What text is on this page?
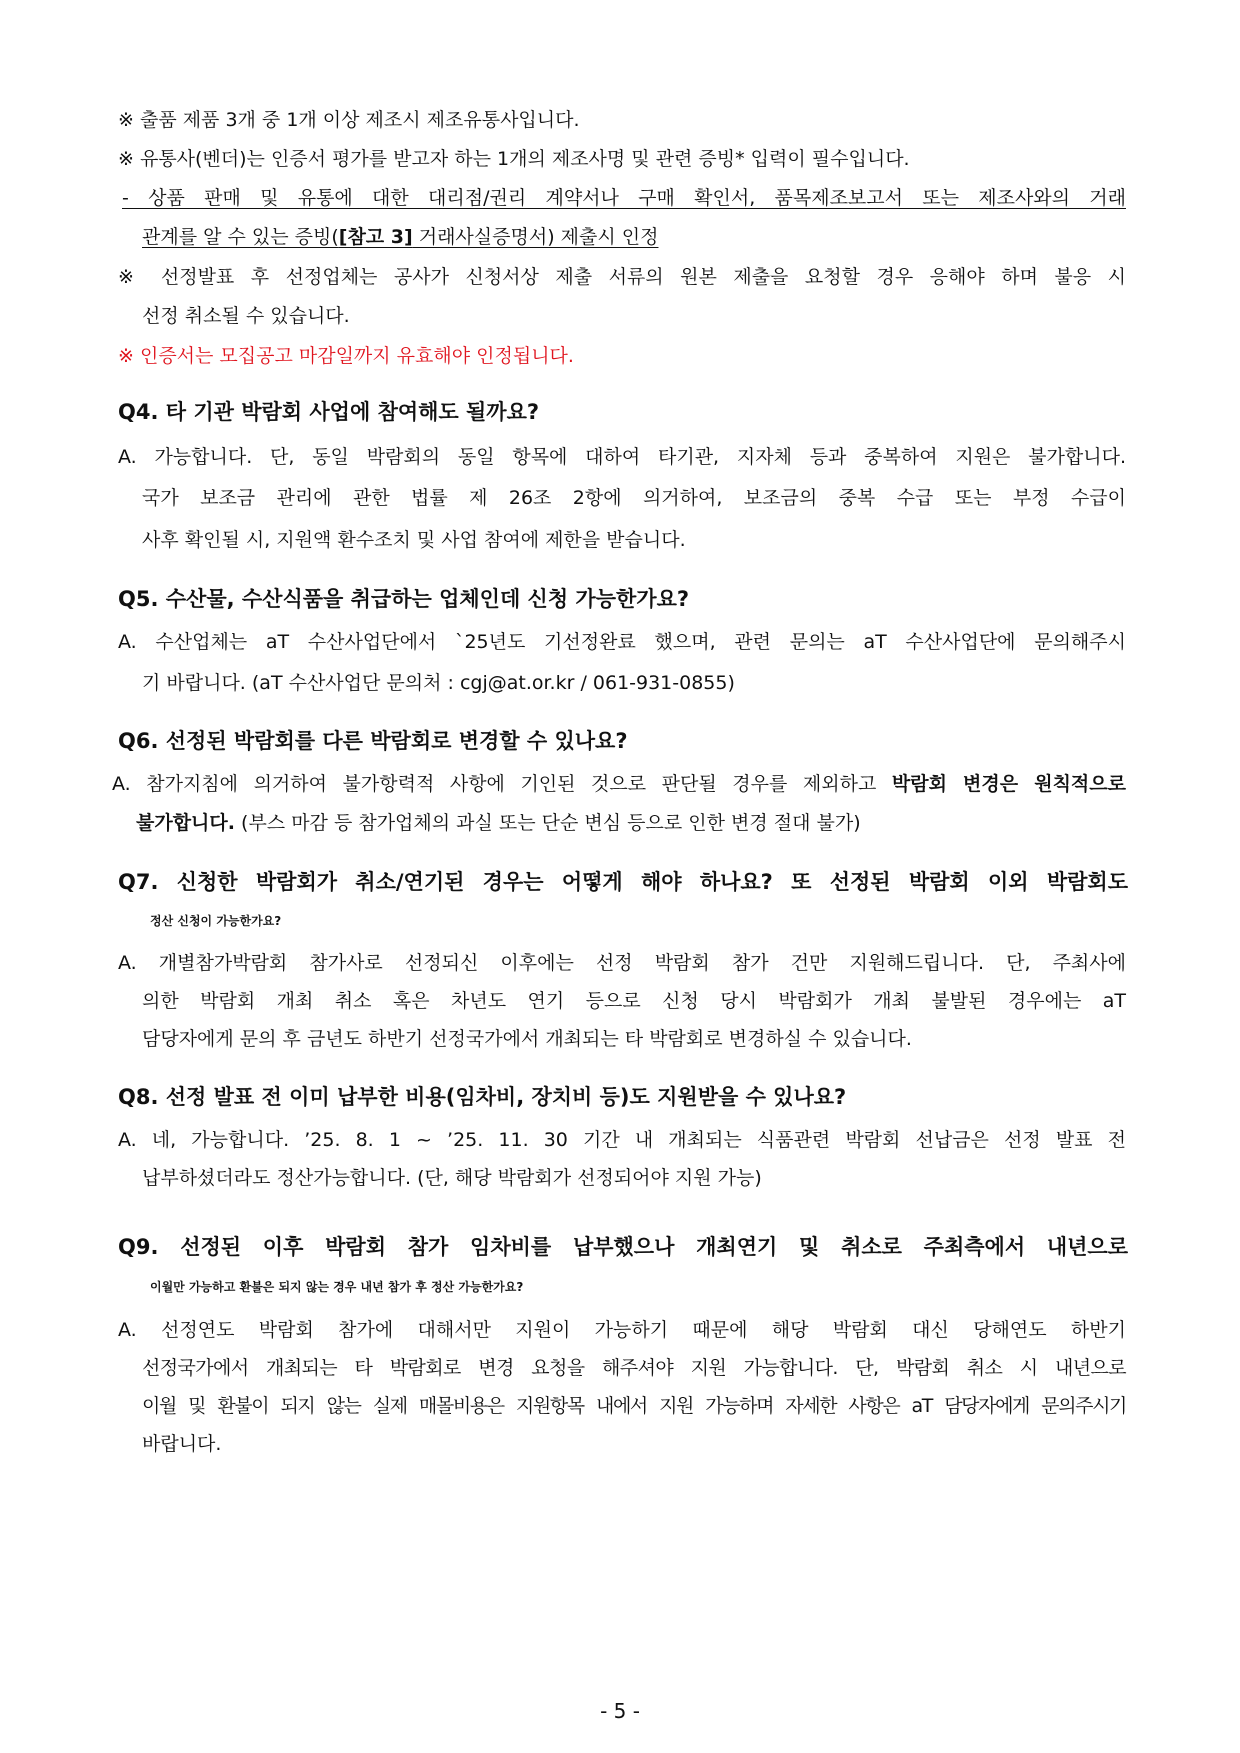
※ 출품 제품 3개 중 1개 이상 제조시 제조유통사입니다.
※ 유통사(벤더)는 인증서 평가를 받고자 하는 1개의 제조사명 및 관련 증빙* 입력이 필수입니다.
- 상품 판매 및 유통에 대한 대리점/권리 계약서나 구매 확인서, 품목제조보고서 또는 제조사와의 거래
관계를 알 수 있는 증빙([참고 3] 거래사실증명서) 제출시 인정
※ 선정발표 후 선정업체는 공사가 신청서상 제출 서류의 원본 제출을 요청할 경우 응해야 하며 불응 시
선정 취소될 수 있습니다.
※ 인증서는 모집공고 마감일까지 유효해야 인정됩니다.
Q4. 타 기관 박람회 사업에 참여해도 될까요?
A. 가능합니다. 단, 동일 박람회의 동일 항목에 대하여 타기관, 지자체 등과 중복하여 지원은 불가합니다.
국가 보조금 관리에 관한 법률 제 26조 2항에 의거하여, 보조금의 중복 수급 또는 부정 수급이
사후 확인될 시, 지원액 환수조치 및 사업 참여에 제한을 받습니다.
Q5. 수산물, 수산식품을 취급하는 업체인데 신청 가능한가요?
A. 수산업체는 aT 수산사업단에서 `25년도 기선정완료 했으며, 관련 문의는 aT 수산사업단에 문의해주시
기 바랍니다. (aT 수산사업단 문의처 : cgj@at.or.kr / 061-931-0855)
Q6. 선정된 박람회를 다른 박람회로 변경할 수 있나요?
A. 참가지침에 의거하여 불가항력적 사항에 기인된 것으로 판단될 경우를 제외하고 박람회 변경은 원칙적으로
불가합니다. (부스 마감 등 참가업체의 과실 또는 단순 변심 등으로 인한 변경 절대 불가)
Q7. 신청한 박람회가 취소/연기된 경우는 어떻게 해야 하나요? 또 선정된 박람회 이외 박람회도
정산 신청이 가능한가요?
A. 개별참가박람회 참가사로 선정되신 이후에는 선정 박람회 참가 건만 지원해드립니다. 단, 주최사에
의한 박람회 개최 취소 혹은 차년도 연기 등으로 신청 당시 박람회가 개최 불발된 경우에는 aT
담당자에게 문의 후 금년도 하반기 선정국가에서 개최되는 타 박람회로 변경하실 수 있습니다.
Q8. 선정 발표 전 이미 납부한 비용(임차비, 장치비 등)도 지원받을 수 있나요?
A. 네, 가능합니다. ’25. 8. 1 ~ ’25. 11. 30 기간 내 개최되는 식품관련 박람회 선납금은 선정 발표 전
납부하셨더라도 정산가능합니다. (단, 해당 박람회가 선정되어야 지원 가능)
Q9. 선정된 이후 박람회 참가 임차비를 납부했으나 개최연기 및 취소로 주최측에서 내년으로
이월만 가능하고 환불은 되지 않는 경우 내년 참가 후 정산 가능한가요?
A. 선정연도 박람회 참가에 대해서만 지원이 가능하기 때문에 해당 박람회 대신 당해연도 하반기
선정국가에서 개최되는 타 박람회로 변경 요청을 해주셔야 지원 가능합니다. 단, 박람회 취소 시 내년으로
이월 및 환불이 되지 않는 실제 매몰비용은 지원항목 내에서 지원 가능하며 자세한 사항은 aT 담당자에게 문의주시기
바랍니다.
- 5 -
